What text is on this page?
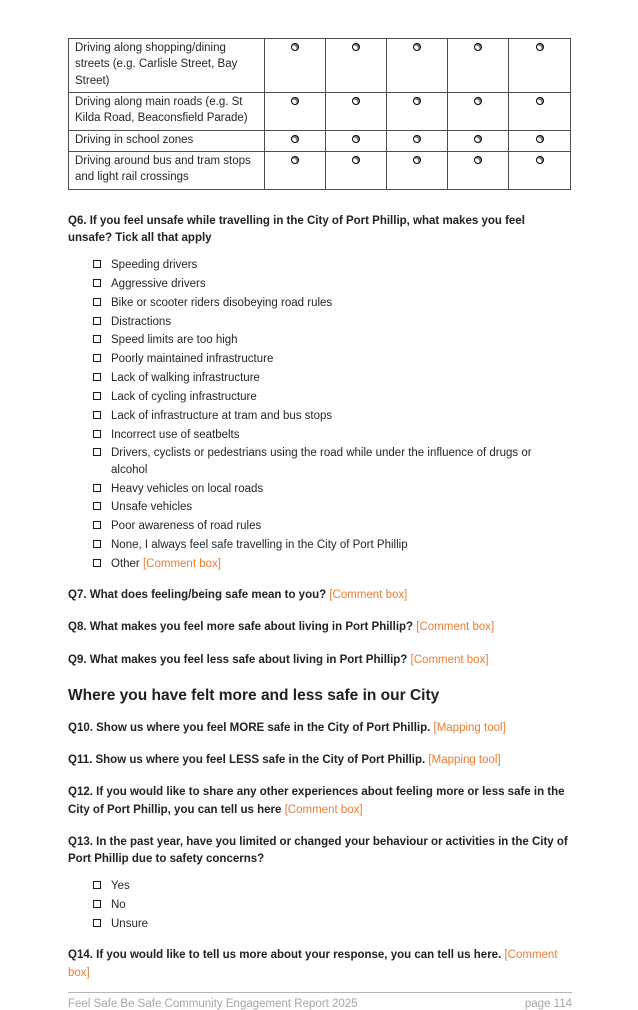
Driving along shopping/dining streets (e.g. Carlisle Street, Bay Street)					
Driving along main roads (e.g. St Kilda Road, Beaconsfield Parade)					
Driving in school zones					
Driving around bus and tram stops and light rail crossings					

Q6. If you feel unsafe while travelling in the City of Port Phillip, what makes you feel unsafe? Tick all that apply

Speeding drivers
Aggressive drivers
Bike or scooter riders disobeying road rules
Distractions
Speed limits are too high
Poorly maintained infrastructure
Lack of walking infrastructure
Lack of cycling infrastructure
Lack of infrastructure at tram and bus stops
Incorrect use of seatbelts
Drivers, cyclists or pedestrians using the road while under the influence of drugs or alcohol
Heavy vehicles on local roads
Unsafe vehicles
Poor awareness of road rules
None, I always feel safe travelling in the City of Port Phillip
Other [Comment box]

Q7. What does feeling/being safe mean to you? [Comment box]

Q8. What makes you feel more safe about living in Port Phillip? [Comment box]

Q9. What makes you feel less safe about living in Port Phillip? [Comment box]

Where you have felt more and less safe in our City

Q10. Show us where you feel MORE safe in the City of Port Phillip. [Mapping tool]

Q11. Show us where you feel LESS safe in the City of Port Phillip. [Mapping tool]

Q12. If you would like to share any other experiences about feeling more or less safe in the City of Port Phillip, you can tell us here [Comment box]

Q13. In the past year, have you limited or changed your behaviour or activities in the City of Port Phillip due to safety concerns?

Yes
No
Unsure

Q14. If you would like to tell us more about your response, you can tell us here. [Comment box]

Feel Safe Be Safe Community Engagement Report 2025	page 114
